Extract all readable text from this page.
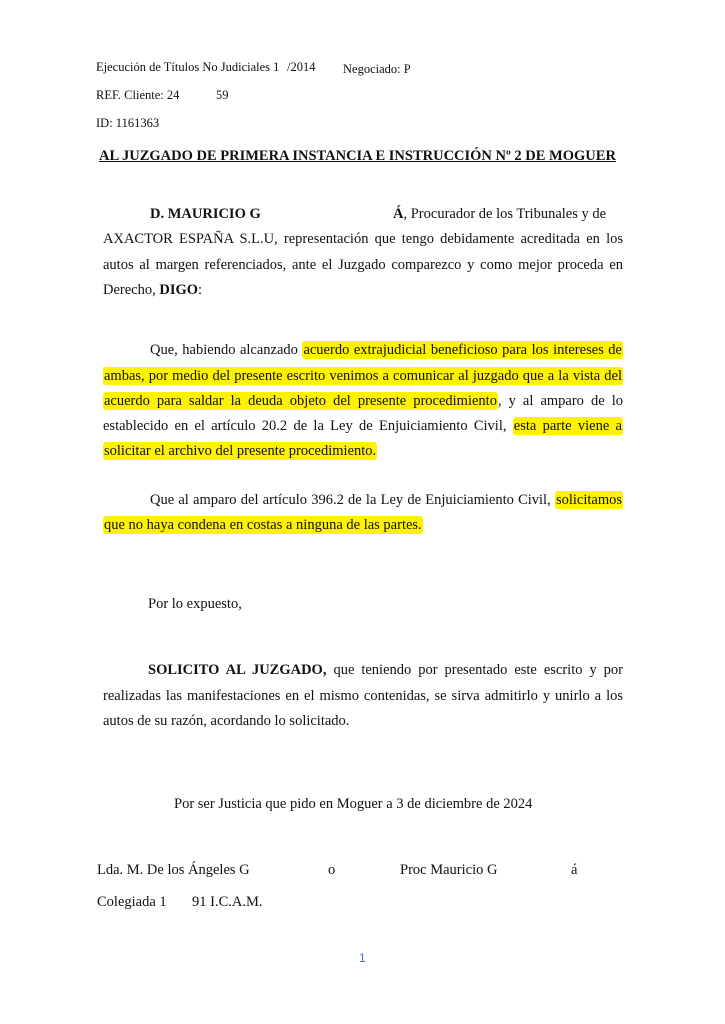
Ejecución de Títulos No Judiciales 1 /2014 Negociado: P
REF. Cliente: 24	59
ID: 1161363
AL JUZGADO DE PRIMERA INSTANCIA E INSTRUCCIÓN Nº 2 DE MOGUER
D. MAURICIO G	Á, Procurador de los Tribunales y de
AXACTOR ESPAÑA S.L.U, representación que tengo debidamente acreditada en los
autos al margen referenciados, ante el Juzgado comparezco y como mejor proceda en
Derecho, DIGO:
Que, habiendo alcanzado acuerdo extrajudicial beneficioso para los intereses de
ambas, por medio del presente escrito venimos a comunicar al juzgado que a la vista del
acuerdo para saldar la deuda objeto del presente procedimiento, y al amparo de lo
establecido en el artículo 20.2 de la Ley de Enjuiciamiento Civil, esta parte viene a
solicitar el archivo del presente procedimiento.
Que al amparo del artículo 396.2 de la Ley de Enjuiciamiento Civil, solicitamos
que no haya condena en costas a ninguna de las partes.
Por lo expuesto,
SOLICITO AL JUZGADO, que teniendo por presentado este escrito y por
realizadas las manifestaciones en el mismo contenidas, se sirva admitirlo y unirlo a los
autos de su razón, acordando lo solicitado.
Por ser Justicia que pido en Moguer a 3 de diciembre de 2024
Lda. M. De los Ángeles G	o	Proc Mauricio G	á
Colegiada 1 91 I.C.A.M.
1
